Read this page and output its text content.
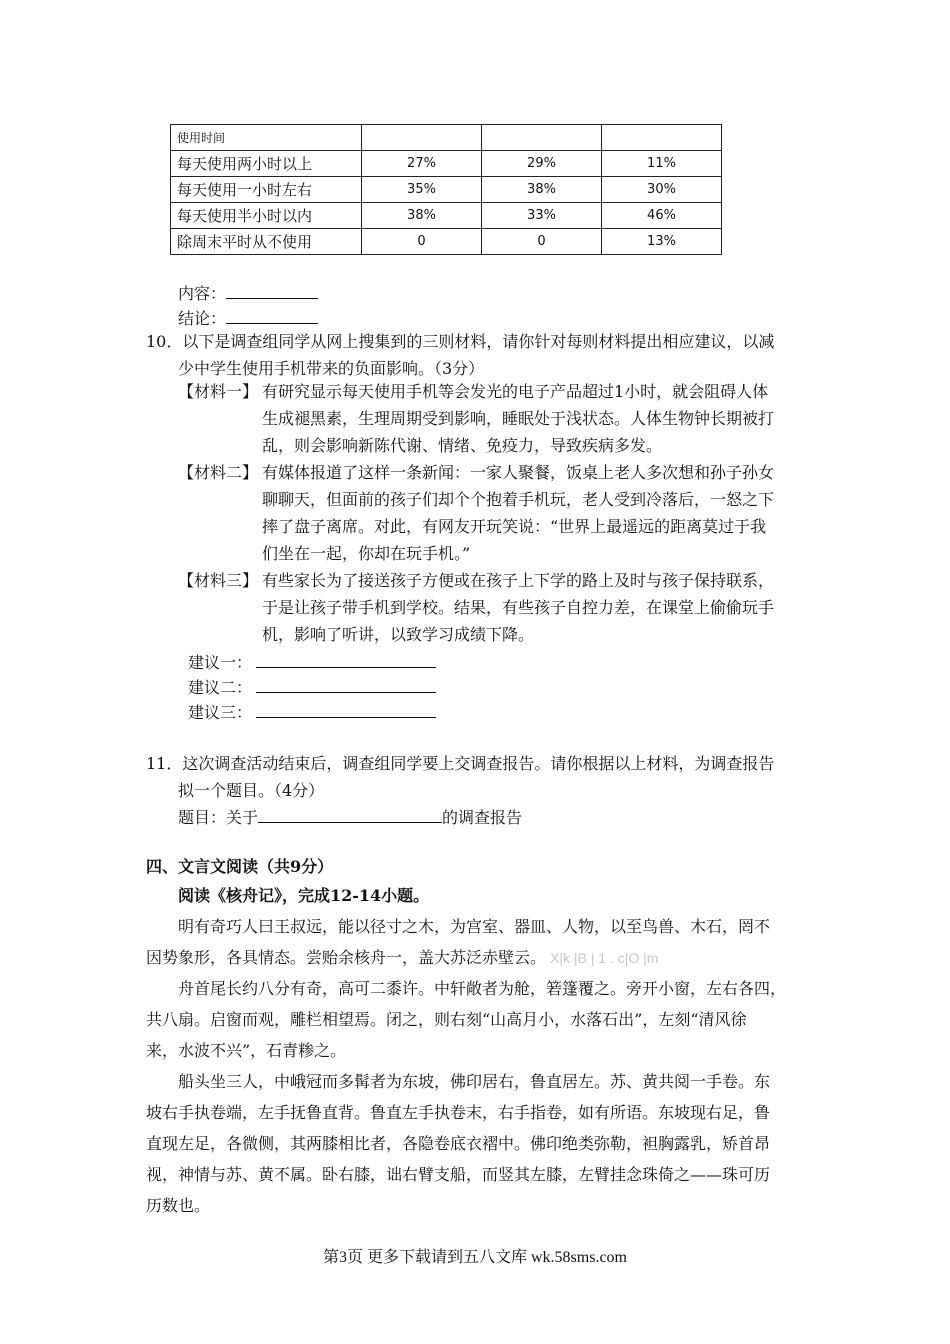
使用时间			
每天使用两小时以上	27%	29%	11%
每天使用一小时左右	35%	38%	30%
每天使用半小时以内	38%	33%	46%
除周末平时从不使用	0	0	13%
内容：
结论：
10．以下是调查组同学从网上搜集到的三则材料，请你针对每则材料提出相应建议，以减
少中学生使用手机带来的负面影响。（3分）
【材料一】 有研究显示每天使用手机等会发光的电子产品超过1小时，就会阻碍人体
生成褪黑素，生理周期受到影响，睡眠处于浅状态。人体生物钟长期被打
乱，则会影响新陈代谢、情绪、免疫力，导致疾病多发。
【材料二】 有媒体报道了这样一条新闻：一家人聚餐，饭桌上老人多次想和孙子孙女
聊聊天，但面前的孩子们却个个抱着手机玩，老人受到冷落后，一怒之下
摔了盘子离席。对此，有网友开玩笑说：“世界上最遥远的距离莫过于我
们坐在一起，你却在玩手机。”
【材料三】 有些家长为了接送孩子方便或在孩子上下学的路上及时与孩子保持联系，
于是让孩子带手机到学校。结果，有些孩子自控力差，在课堂上偷偷玩手
机，影响了听讲，以致学习成绩下降。
建议一：
建议二：
建议三：
11．这次调查活动结束后，调查组同学要上交调查报告。请你根据以上材料，为调查报告
拟一个题目。（4分）
题目：关于	的调查报告
四、文言文阅读（共9分）
阅读《核舟记》，完成12-14小题。
明有奇巧人曰王叔远，能以径寸之木，为宫室、器皿、人物，以至鸟兽、木石，罔不
因势象形，各具情态。尝贻余核舟一，盖大苏泛赤壁云。 X|k |B | 1 . c|O |m
舟首尾长约八分有奇，高可二黍许。中轩敞者为舱，箬篷覆之。旁开小窗，左右各四，
共八扇。启窗而观，雕栏相望焉。闭之，则右刻“山高月小，水落石出”，左刻“清风徐
来，水波不兴”，石青糁之。
船头坐三人，中峨冠而多髯者为东坡，佛印居右，鲁直居左。苏、黄共阅一手卷。东
坡右手执卷端，左手抚鲁直背。鲁直左手执卷末，右手指卷，如有所语。东坡现右足，鲁
直现左足，各微侧，其两膝相比者，各隐卷底衣褶中。佛印绝类弥勒，袒胸露乳，矫首昂
视，神情与苏、黄不属。卧右膝，诎右臂支船，而竖其左膝，左臂挂念珠倚之——珠可历
历数也。
第3页 更多下载请到五八文库 wk.58sms.com
